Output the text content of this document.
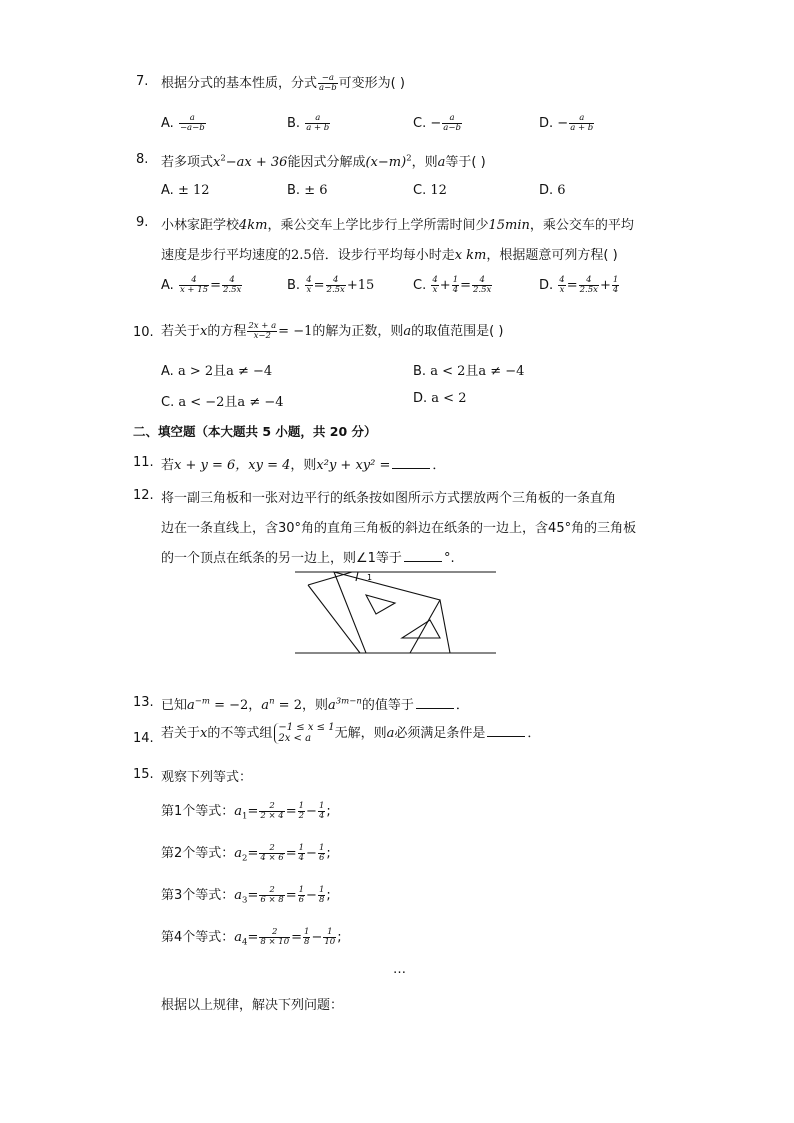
7. 根据分式的基本性质，分式 $\frac{-a}{a-b}$ 可变形为( )
A. $\frac{a}{-a-b}$	B. $\frac{a}{a + b}$	C. − $\frac{a}{a-b}$	D. − $\frac{a}{a + b}$
8. 若多项式$x^2-ax + 36$能因式分解成$(x-m)^2$，则a等于( )
A. ± 12	B. ± 6	C. 12	D. 6
9. 小林家距学校4km，乘公交车上学比步行上学所需时间少15min，乘公交车的平均
速度是步行平均速度的2.5倍．设步行平均每小时走x km，根据题意可列方程( )
A. $\frac{4}{x + 15} = \frac{4}{2.5x}$	B. $\frac{4}{x} = \frac{4}{2.5x} +15$	C. $\frac{4}{x} + \frac{1}{4} = \frac{4}{2.5x}$	D. $\frac{4}{x} = \frac{4}{2.5x} + \frac{1}{4}$
10. 若关于x的方程 $\frac{2x + a}{x-2} = -1$的解为正数，则a的取值范围是( )
A. a > 2且a ≠ −4	B. a < 2且a ≠ −4
C. a < −2且a ≠ −4	D. a < 2
二、填空题（本大题共 5 小题，共 20 分）
11. 若x + y = 6，xy = 4，则x²y + xy² =	．
12. 将一副三角板和一张对边平行的纸条按如图所示方式摆放两个三角板的一条直角
边在一条直线上，含30°角的直角三角板的斜边在纸条的一边上，含45°角的三角板
的一个顶点在纸条的另一边上，则∠1等于	°.
1
13. 已知$a^{-m} = -2$，$a^n = 2$，则$a^{3m-n}$的值等于	．
14. 若关于x的不等式组 −1 ≤ x ≤ 1
2x < a	无解，则a必须满足条件是	．
15. 观察下列等式：
第1个等式：$a_1= \frac{2}{2 \times 4} = \frac{1}{2} - \frac{1}{4}$ ;
第2个等式：$a_2= \frac{2}{4 \times 6} = \frac{1}{4} - \frac{1}{6}$ ;
第3个等式：$a_3= \frac{2}{6 \times 8} = \frac{1}{6} - \frac{1}{8}$ ;
第4个等式：$a_4= \frac{2}{8 \times 10} = \frac{1}{8} - \frac{1}{10}$ ;
…
根据以上规律，解决下列问题：
